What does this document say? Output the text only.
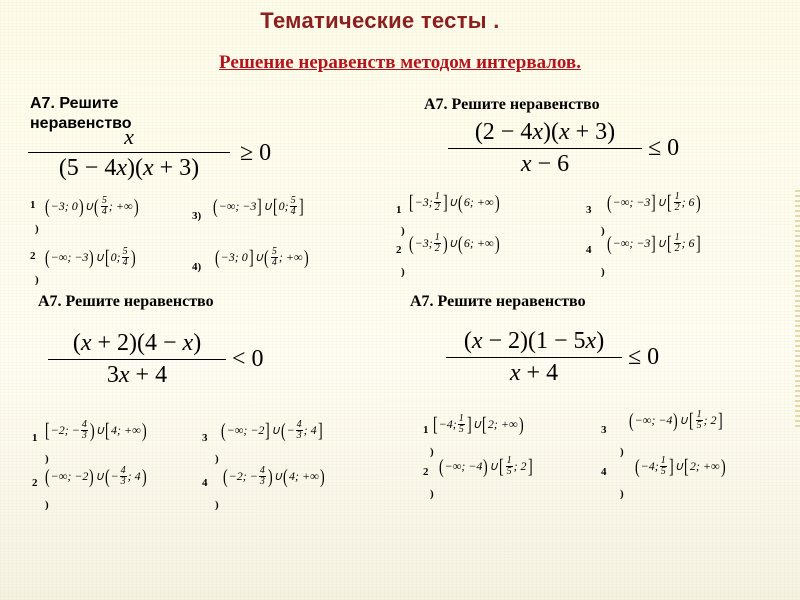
Тематические тесты .
Решение неравенств методом интервалов.
А7. Решите
неравенство
$\frac{x}{(5 - 4x)(x + 3)} \ge 0$
1
)
( −3; 0 ) ∪ ( $\frac{5}{4}$ ; +∞ )
2
)
( −∞; −3 ) ∪ [ 0; $\frac{5}{4}$ )
3) ( −∞; −3 ] ∪ [ 0; $\frac{5}{4}$ ]
4) ( −3; 0 ] ∪ ( $\frac{5}{4}$ ; +∞ )
А7. Решите неравенство
$\frac{(2 - 4x)(x + 3)}{x - 6} \le 0$
1
)
[ −3; $\frac{1}{2}$ ] ∪ ( 6; +∞ )
2
)
( −3; $\frac{1}{2}$ ) ∪ ( 6; +∞ )
3
)
( −∞; −3 ] ∪ [ $\frac{1}{2}$ ; 6 )
4
)
( −∞; −3 ] ∪ [ $\frac{1}{2}$ ; 6 ]
А7. Решите неравенство
(x + 2)(4 − x)
3x + 4
< 0
1
)
[ −2; − $\frac{4}{3}$ ) ∪ [ 4; +∞ )
2
)
( −∞; −2 ) ∪ ( − $\frac{4}{3}$ ; 4 )
3
)
( −∞; −2 ] ∪ ( − $\frac{4}{3}$ ; 4 ]
4
)
( −2; − $\frac{4}{3}$ ) ∪ ( 4; +∞ )
А7. Решите неравенство
$\frac{(x - 2)(1 - 5x)}{x + 4} \le 0$
1
)
[ −4; $\frac{1}{5}$ ] ∪ [ 2; +∞ )
2
)
( −∞; −4 ) ∪ [ $\frac{1}{5}$ ; 2 ]
3
)
( −∞; −4 ) ∪ [ $\frac{1}{5}$ ; 2 ]
4
)
( −4; $\frac{1}{5}$ ] ∪ [ 2; +∞ )
